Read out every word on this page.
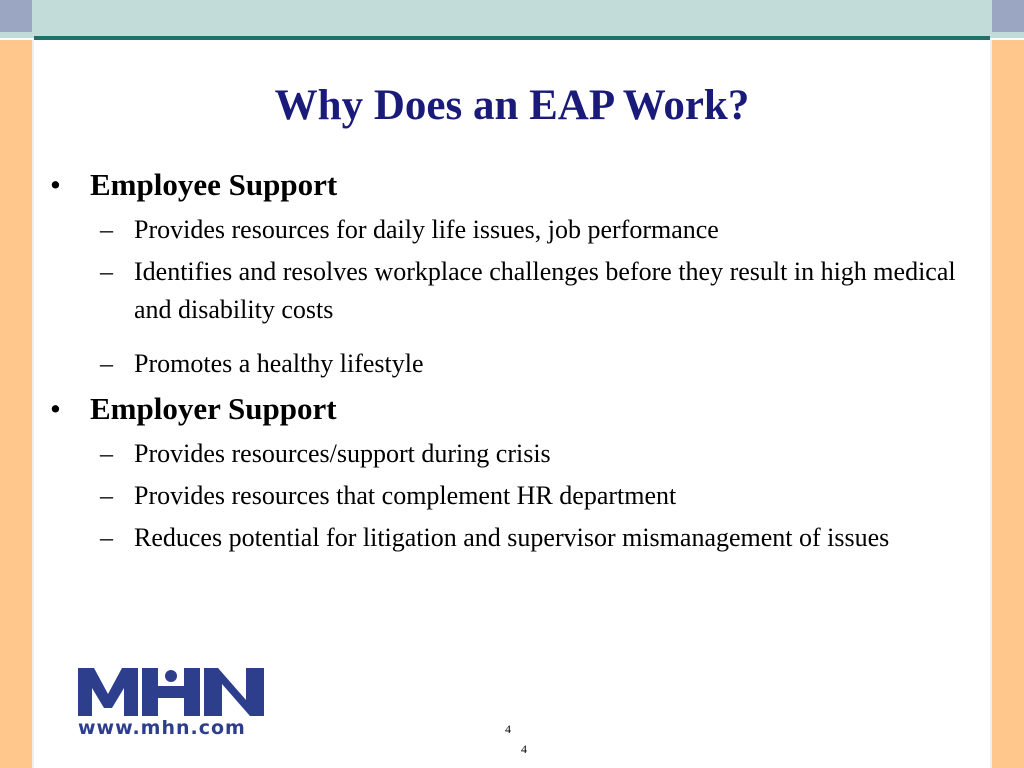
Why Does an EAP Work?
• Employee Support
– Provides resources for daily life issues, job performance
– Identifies and resolves workplace challenges before they result in high medical and disability costs
– Promotes a healthy lifestyle
• Employer Support
– Provides resources/support during crisis
– Provides resources that complement HR department
– Reduces potential for litigation and supervisor mismanagement of issues
www.mhn.com	4
4
